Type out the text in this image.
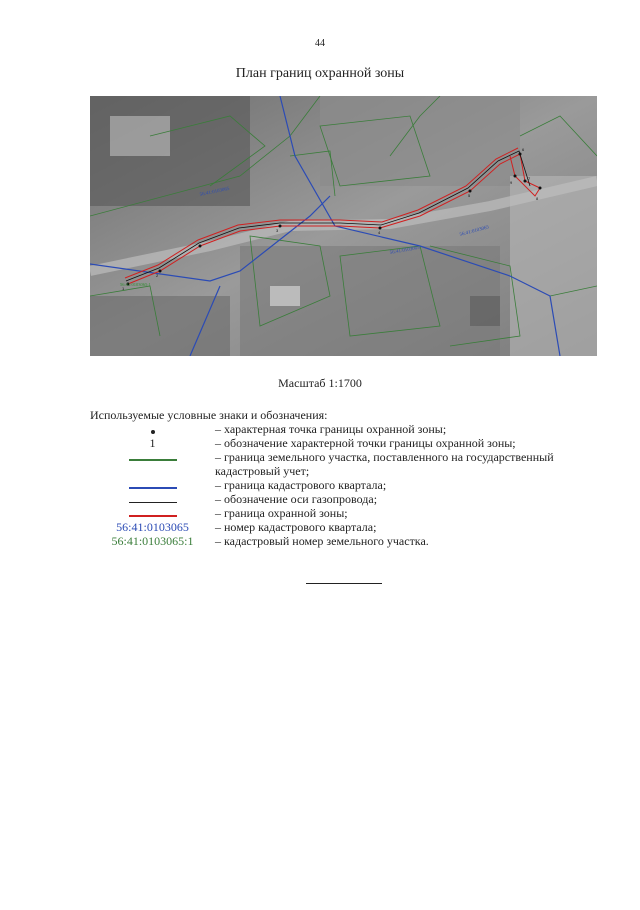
44
План границ охранной зоны
56:41:0103065
56:41:0103065
56:41:0103065
56:41:0103065:1
1
2
3	4
5
6
7
8
9
Масштаб 1:1700
Используемые условные знаки и обозначения:
– характерная точка границы охранной зоны;
1	– обозначение характерной точки границы охранной зоны;
– граница земельного участка, поставленного на государственный кадастровый учет;
– граница кадастрового квартала;
– обозначение оси газопровода;
– граница охранной зоны;
56:41:0103065	– номер кадастрового квартала;
56:41:0103065:1	– кадастровый номер земельного участка.
